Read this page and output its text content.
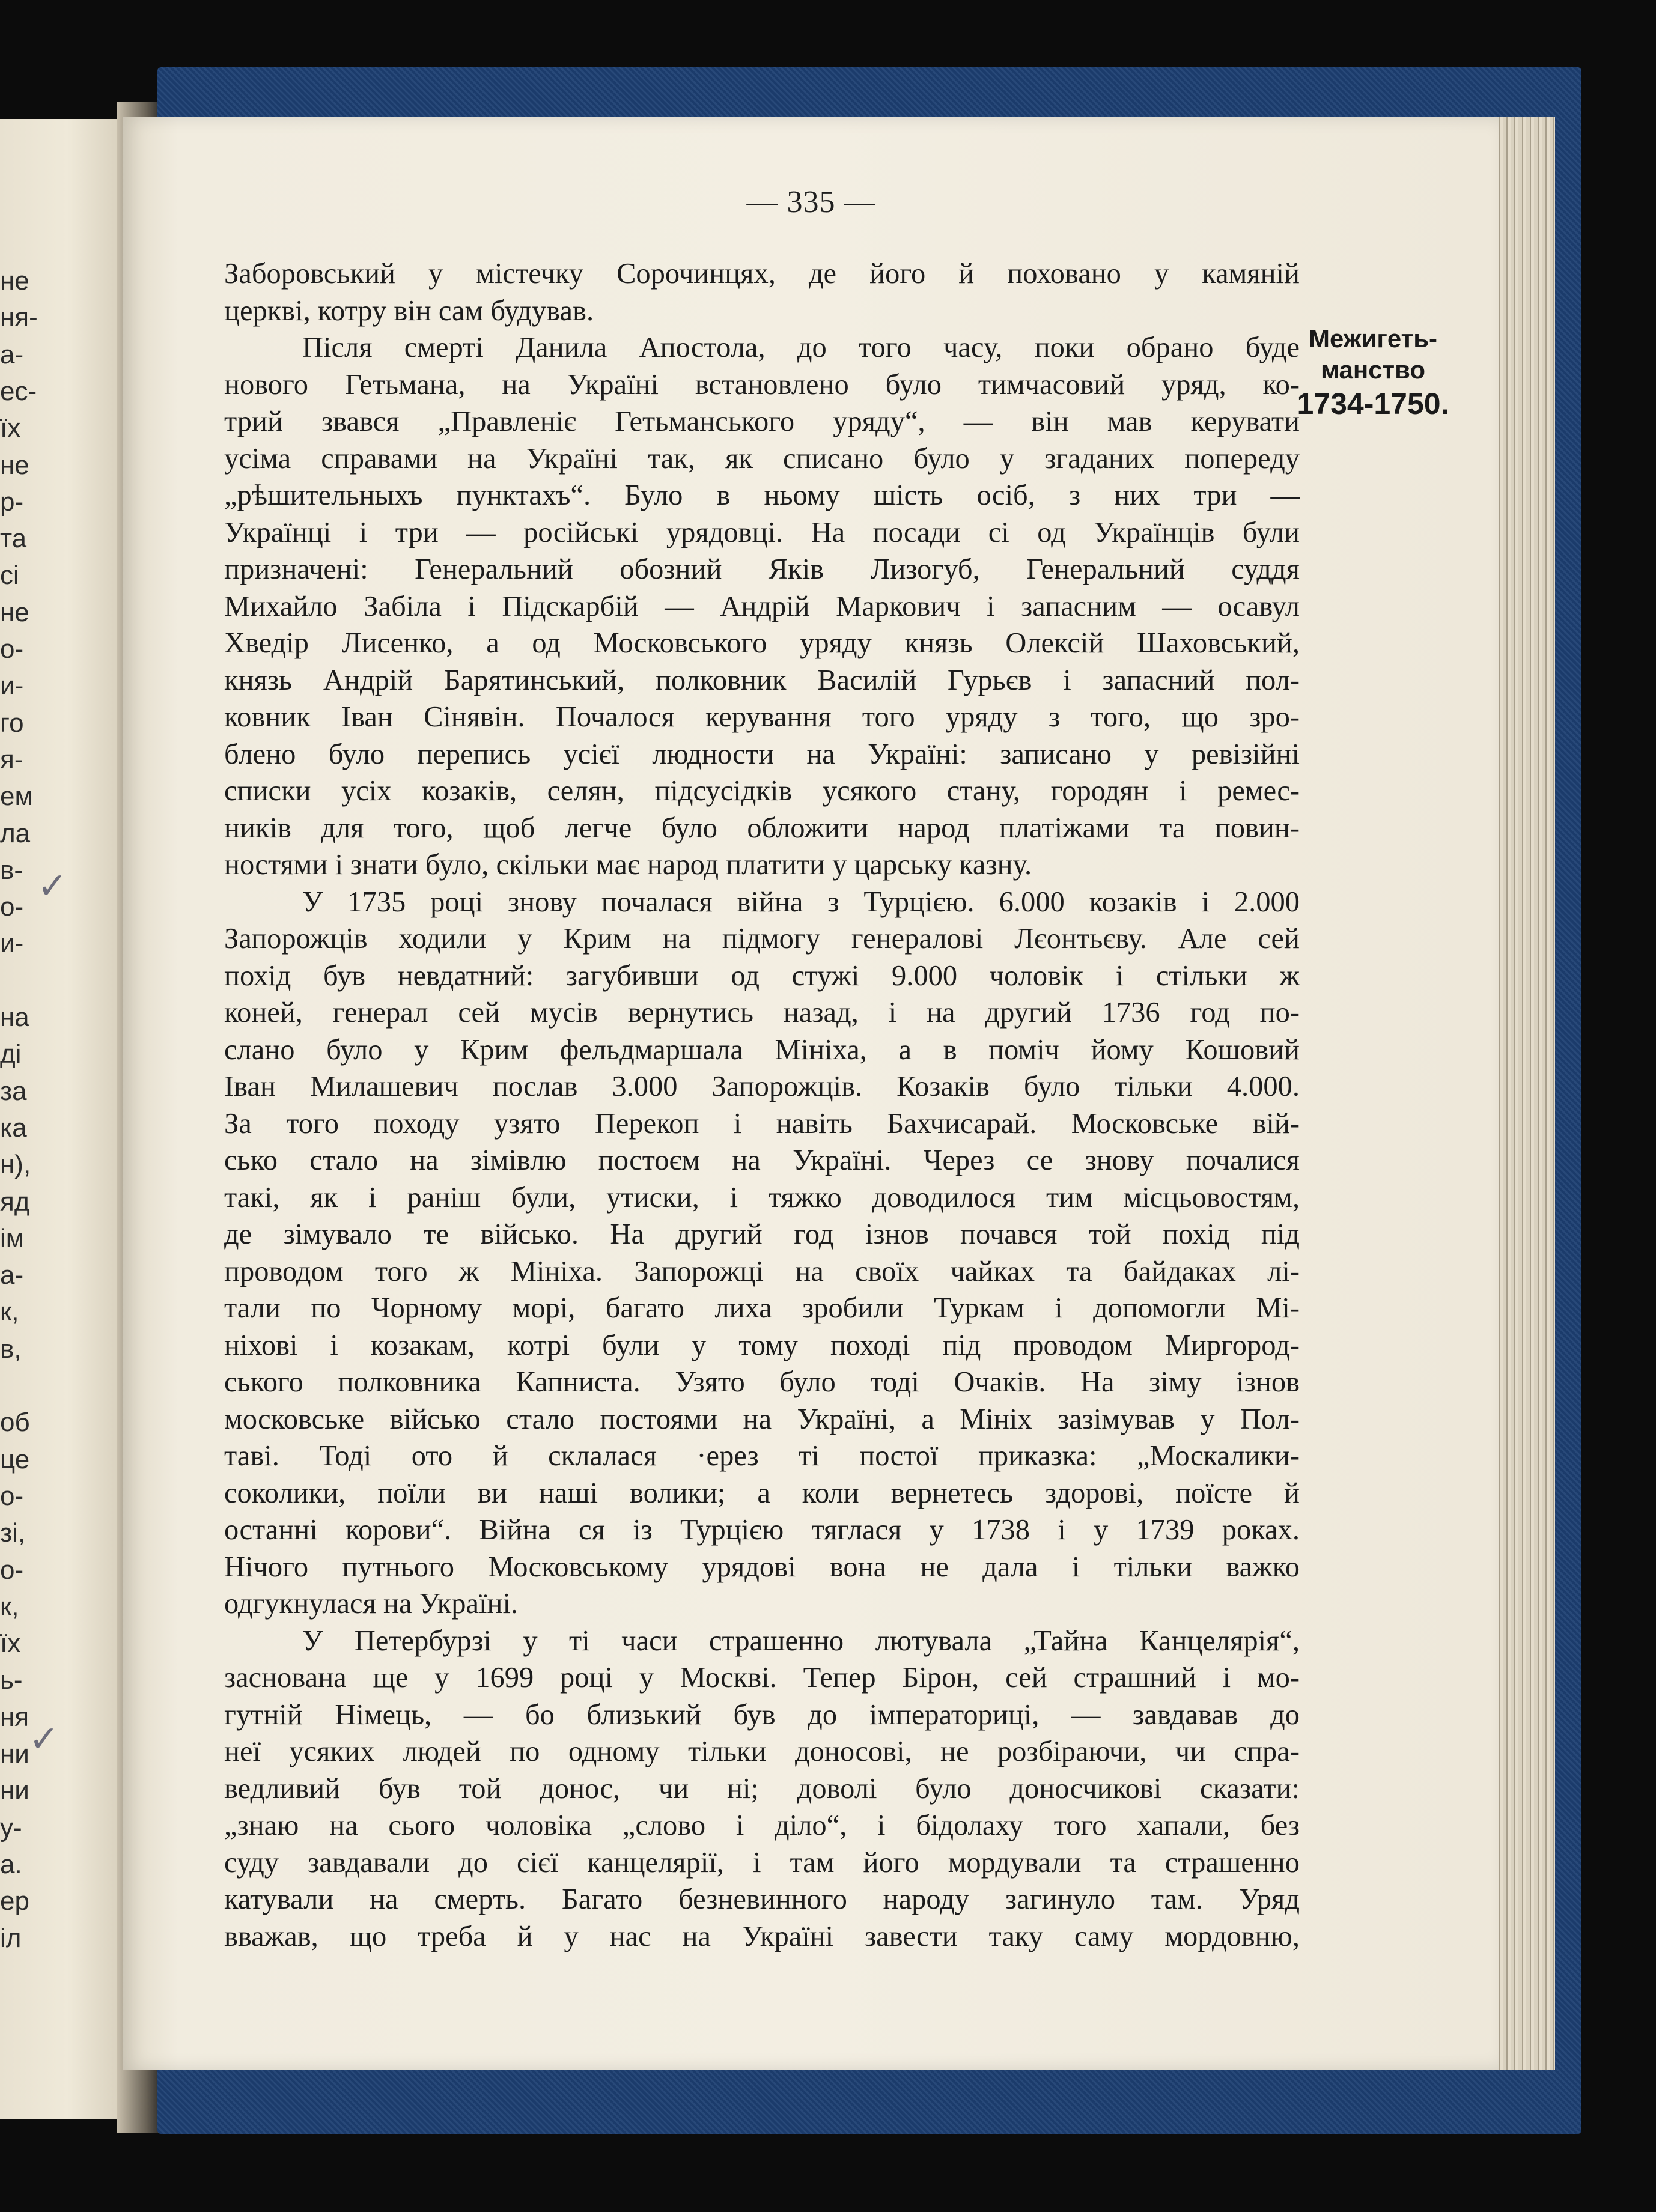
не
ня-
а-
ес-
їх
не
р-
та
сі
не
о-
и-
го
я-
ем
ла
в-
о-
и-
на
ді
за
ка
н),
яд
ім
а-
к,
в,
об
це
о-
зі,
о-
к,
їх
ь-
ня
ни
ни
у-
а.
ер
іл
— 335 —
Заборовський у містечку Сорочинцях, де його й поховано у камяній
церкві, котру він сам будував.
Після смерті Данила Апостола, до того часу, поки обрано буде
нового Гетьмана, на Україні встановлено було тимчасовий уряд, ко-
трий звався „Правленіє Гетьманського уряду“, — він мав керувати
усіма справами на Україні так, як списано було у згаданих попереду
„рѣшительныхъ пунктахъ“. Було в ньому шість осіб, з них три —
Українці і три — російські урядовці. На посади сі од Українців були
призначені: Генеральний обозний Яків Лизогуб, Генеральний суддя
Михайло Забіла і Підскарбій — Андрій Маркович і запасним — осавул
Хведір Лисенко, а од Московського уряду князь Олексій Шаховський,
князь Андрій Барятинський, полковник Василій Гурьєв і запасний пол-
ковник Іван Сінявін. Почалося керування того уряду з того, що зро-
блено було перепись усієї людности на Україні: записано у ревізійні
списки усіх козаків, селян, підсусідків усякого стану, городян і ремес-
ників для того, щоб легче було обложити народ платіжами та повин-
ностями і знати було, скільки має народ платити у царську казну.
У 1735 році знову почалася війна з Турцією. 6.000 козаків і 2.000
Запорожців ходили у Крим на підмогу генералові Лєонтьєву. Але сей
похід був невдатний: загубивши од стужі 9.000 чоловік і стільки ж
коней, генерал сей мусів вернутись назад, і на другий 1736 год по-
слано було у Крим фельдмаршала Мініха, а в поміч йому Кошовий
Іван Милашевич послав 3.000 Запорожців. Козаків було тільки 4.000.
За того походу узято Перекоп і навіть Бахчисарай. Московське вій-
сько стало на зімівлю постоєм на Україні. Через се знову почалися
такі, як і раніш були, утиски, і тяжко доводилося тим місцьовостям,
де зімувало те військо. На другий год ізнов почався той похід під
проводом того ж Мініха. Запорожці на своїх чайках та байдаках лі-
тали по Чорному морі, багато лиха зробили Туркам і допомогли Мі-
ніхові і козакам, котрі були у тому поході під проводом Миргород-
ського полковника Капниста. Узято було тоді Очаків. На зіму ізнов
московське військо стало постоями на Україні, а Мініх зазімував у Пол-
таві. Тоді ото й склалася ·ерез ті постої приказка: „Москалики-
соколики, поїли ви наші волики; а коли вернетесь здорові, поїсте й
останні корови“. Війна ся із Турцією тяглася у 1738 і у 1739 роках.
Нічого путнього Московському урядові вона не дала і тільки важко
одгукнулася на Україні.
У Петербурзі у ті часи страшенно лютувала „Тайна Канцелярія“,
заснована ще у 1699 році у Москві. Тепер Бірон, сей страшний і мо-
гутній Німець, — бо близький був до імператориці, — завдавав до
неї усяких людей по одному тільки доносові, не розбіраючи, чи спра-
ведливий був той донос, чи ні; доволі було доносчикові сказати:
„знаю на сього чоловіка „слово і діло“, і бідолаху того хапали, без
суду завдавали до сієї канцелярії, і там його мордували та страшенно
катували на смерть. Багато безневинного народу загинуло там. Уряд
вважав, що треба й у нас на Україні завести таку саму мордовню,
Межигеть-
манство
1734-1750.
✓
✓
